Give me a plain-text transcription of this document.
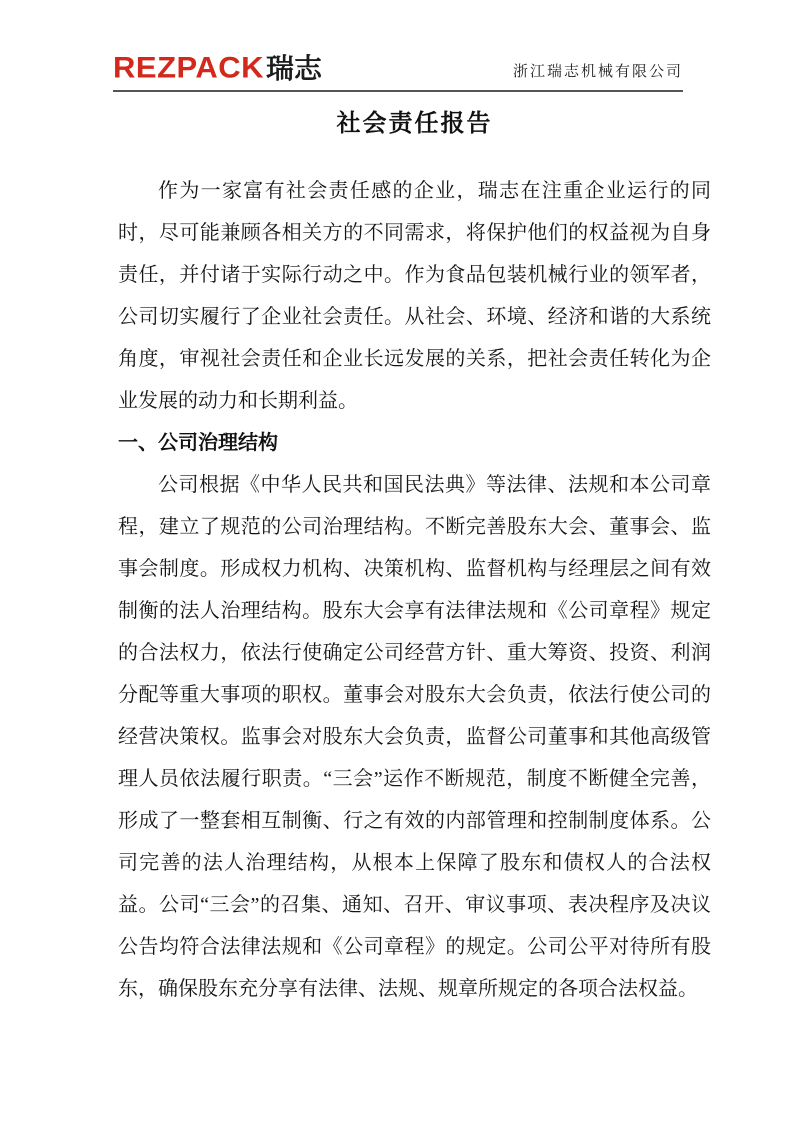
REZPACK 瑞志	浙江瑞志机械有限公司
社会责任报告

作为一家富有社会责任感的企业，瑞志在注重企业运行的同时，尽可能兼顾各相关方的不同需求，将保护他们的权益视为自身责任，并付诸于实际行动之中。作为食品包装机械行业的领军者，公司切实履行了企业社会责任。从社会、环境、经济和谐的大系统角度，审视社会责任和企业长远发展的关系，把社会责任转化为企业发展的动力和长期利益。

一、公司治理结构

公司根据《中华人民共和国民法典》等法律、法规和本公司章程，建立了规范的公司治理结构。不断完善股东大会、董事会、监事会制度。形成权力机构、决策机构、监督机构与经理层之间有效制衡的法人治理结构。股东大会享有法律法规和《公司章程》规定的合法权力，依法行使确定公司经营方针、重大筹资、投资、利润分配等重大事项的职权。董事会对股东大会负责，依法行使公司的经营决策权。监事会对股东大会负责，监督公司董事和其他高级管理人员依法履行职责。“三会”运作不断规范，制度不断健全完善，形成了一整套相互制衡、行之有效的内部管理和控制制度体系。公司完善的法人治理结构，从根本上保障了股东和债权人的合法权益。公司“三会”的召集、通知、召开、审议事项、表决程序及决议公告均符合法律法规和《公司章程》的规定。公司公平对待所有股东，确保股东充分享有法律、法规、规章所规定的各项合法权益。
